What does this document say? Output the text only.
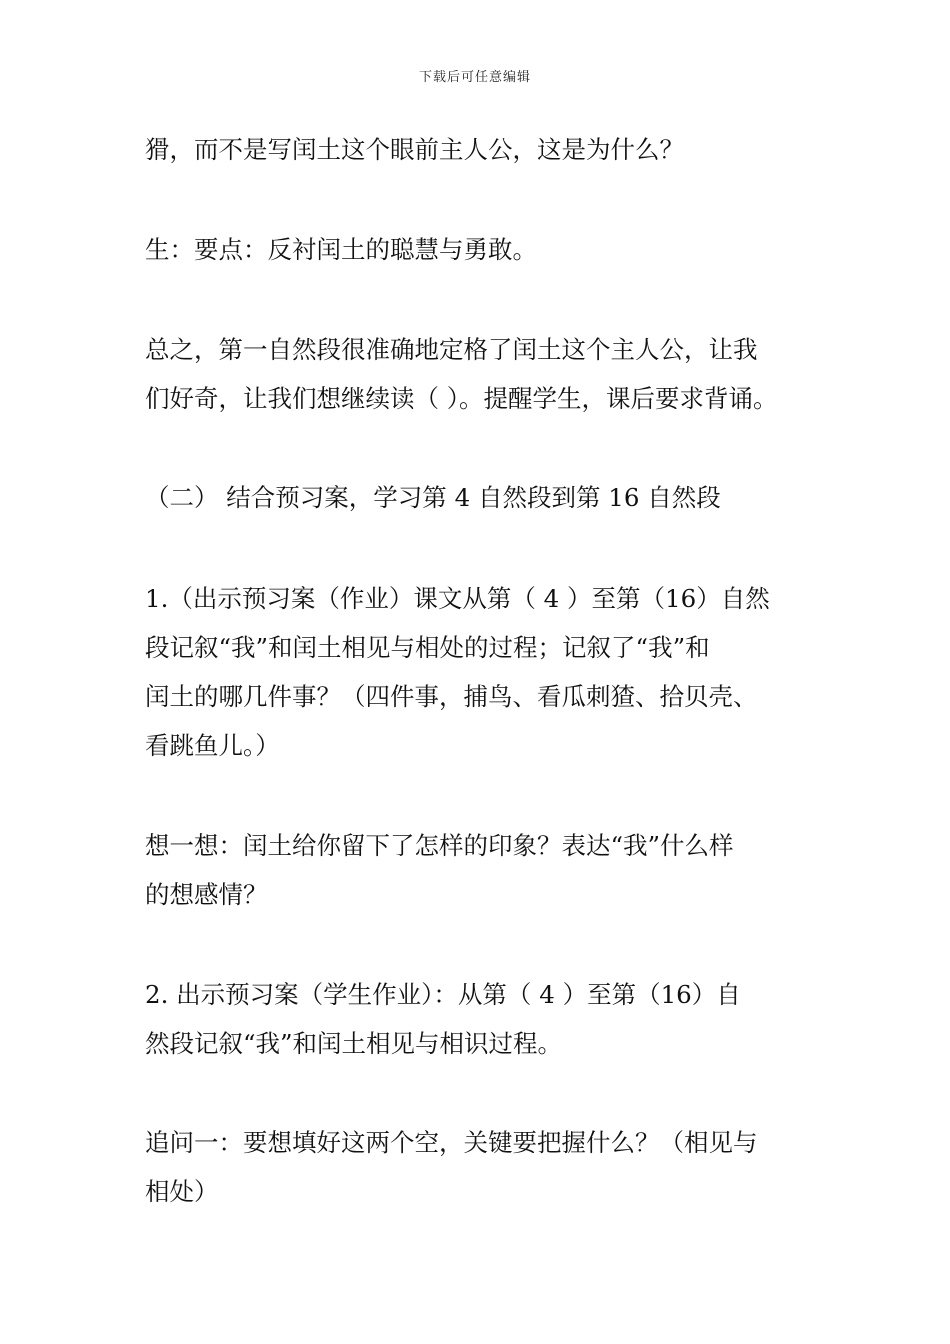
下载后可任意编辑
猾，而不是写闰土这个眼前主人公，这是为什么？
生：要点：反衬闰土的聪慧与勇敢。
总之，第一自然段很准确地定格了闰土这个主人公，让我
们好奇，让我们想继续读（ ）。提醒学生，课后要求背诵。
（二） 结合预习案，学习第 4 自然段到第 16 自然段
1.（出示预习案（作业）课文从第（ 4 ）至第（16）自然
段记叙“我”和闰土相见与相处的过程；记叙了“我”和
闰土的哪几件事？（四件事，捕鸟、看瓜刺猹、拾贝壳、
看跳鱼儿。）
想一想：闰土给你留下了怎样的印象？表达“我”什么样
的想感情？
2. 出示预习案（学生作业）：从第（ 4 ）至第（16）自
然段记叙“我”和闰土相见与相识过程。
追问一：要想填好这两个空，关键要把握什么？（相见与
相处）
